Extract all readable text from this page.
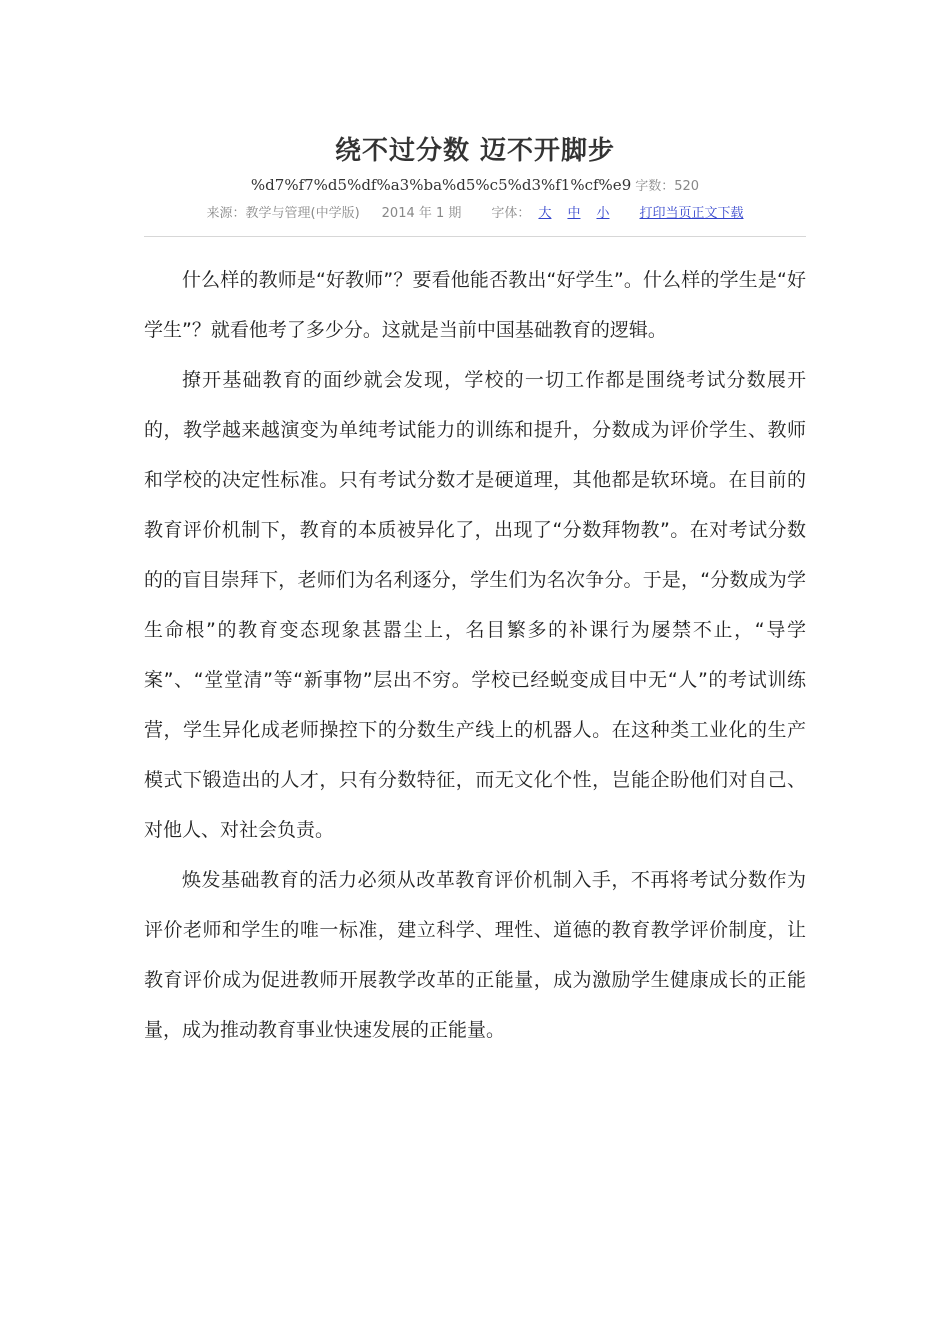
绕不过分数 迈不开脚步
%d7%f7%d5%df%a3%ba%d5%c5%d3%f1%cf%e9 字数：520
来源：教学与管理(中学版) 2014 年 1 期 字体： 大 中 小 打印当页正文下载

什么样的教师是“好教师”？要看他能否教出“好学生”。什么样的学生是“好学生”？就看他考了多少分。这就是当前中国基础教育的逻辑。

撩开基础教育的面纱就会发现，学校的一切工作都是围绕考试分数展开的，教学越来越演变为单纯考试能力的训练和提升，分数成为评价学生、教师和学校的决定性标准。只有考试分数才是硬道理，其他都是软环境。在目前的教育评价机制下，教育的本质被异化了，出现了“分数拜物教”。在对考试分数的的盲目崇拜下，老师们为名利逐分，学生们为名次争分。于是，“分数成为学生命根”的教育变态现象甚嚣尘上，名目繁多的补课行为屡禁不止，“导学案”、“堂堂清”等“新事物”层出不穷。学校已经蜕变成目中无“人”的考试训练营，学生异化成老师操控下的分数生产线上的机器人。在这种类工业化的生产模式下锻造出的人才，只有分数特征，而无文化个性，岂能企盼他们对自己、对他人、对社会负责。

焕发基础教育的活力必须从改革教育评价机制入手，不再将考试分数作为评价老师和学生的唯一标准，建立科学、理性、道德的教育教学评价制度，让教育评价成为促进教师开展教学改革的正能量，成为激励学生健康成长的正能量，成为推动教育事业快速发展的正能量。
